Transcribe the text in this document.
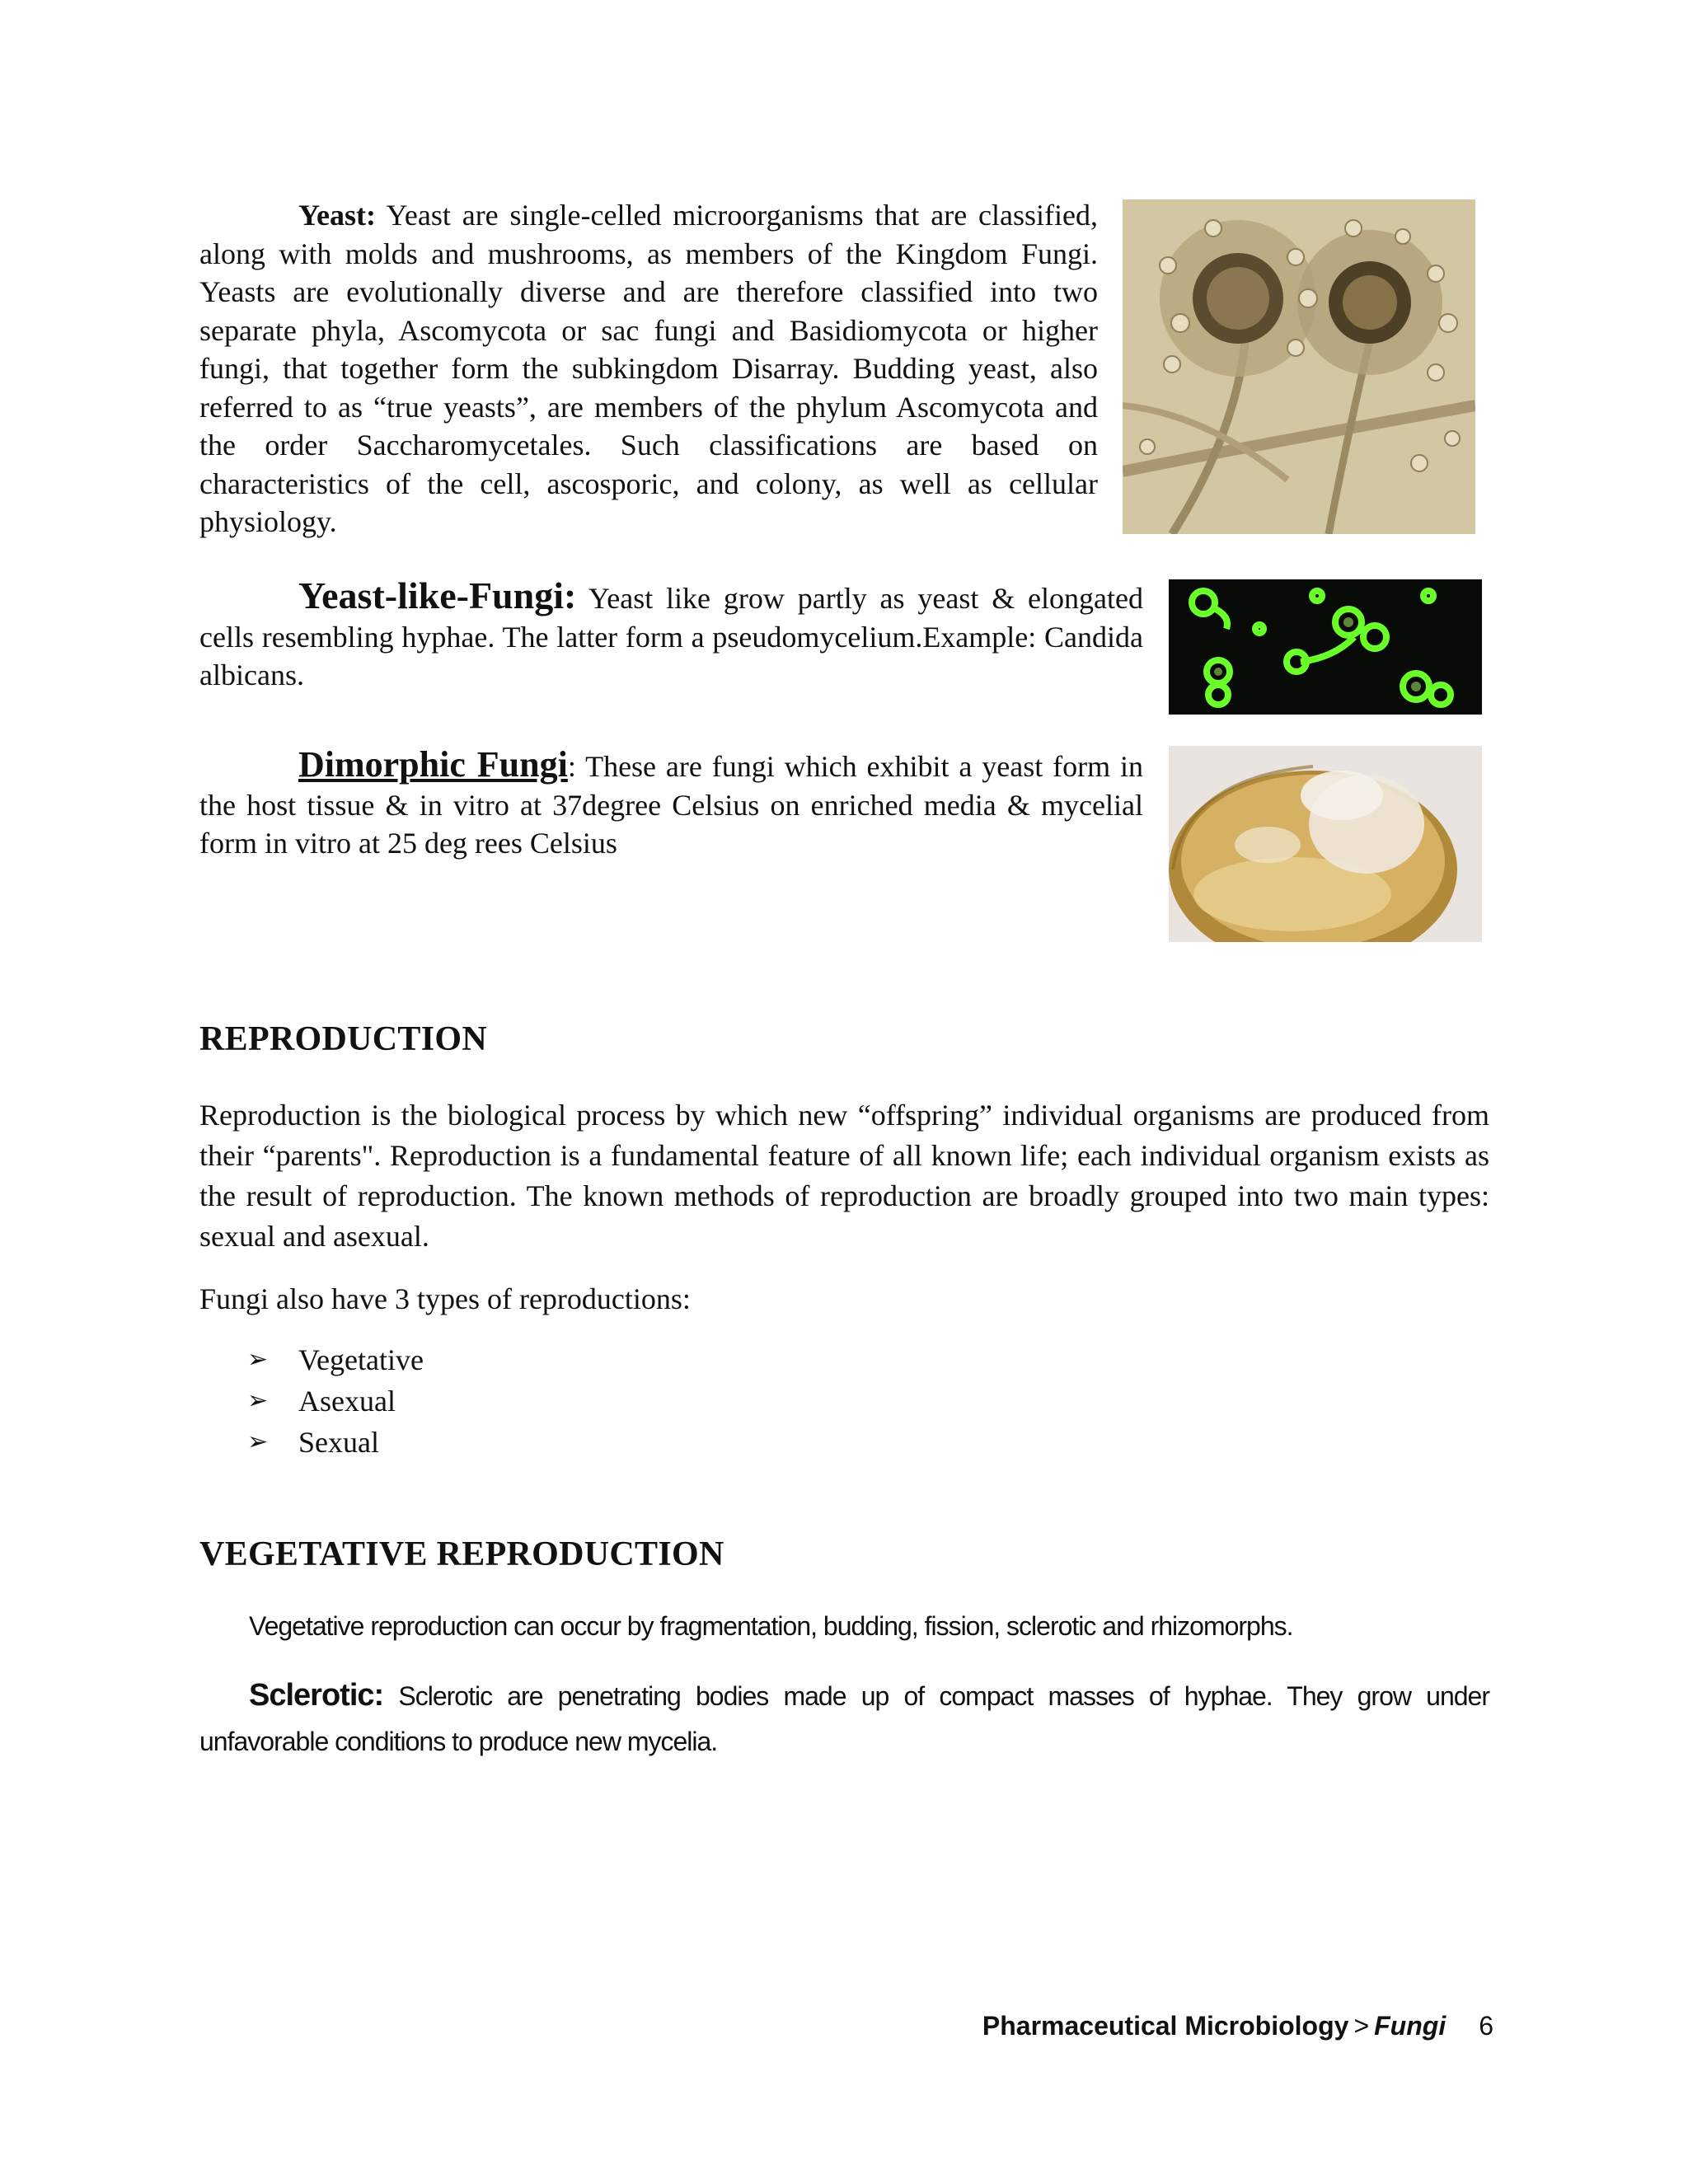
Yeast: Yeast are single-celled microorganisms that are classified, along with molds and mushrooms, as members of the Kingdom Fungi. Yeasts are evolutionally diverse and are therefore classified into two separate phyla, Ascomycota or sac fungi and Basidiomycota or higher fungi, that together form the subkingdom Disarray. Budding yeast, also referred to as “true yeasts”, are members of the phylum Ascomycota and the order Saccharomycetales. Such classifications are based on characteristics of the cell, ascosporic, and colony, as well as cellular physiology.

Yeast-like-Fungi: Yeast like grow partly as yeast & elongated cells resembling hyphae. The latter form a pseudomycelium.Example: Candida albicans.

Dimorphic Fungi: These are fungi which exhibit a yeast form in the host tissue & in vitro at 37degree Celsius on enriched media & mycelial form in vitro at 25 deg rees Celsius

REPRODUCTION

Reproduction is the biological process by which new “offspring” individual organisms are produced from their “parents". Reproduction is a fundamental feature of all known life; each individual organism exists as the result of reproduction. The known methods of reproduction are broadly grouped into two main types: sexual and asexual.

Fungi also have 3 types of reproductions:

➢	Vegetative
➢	Asexual
➢	Sexual
VEGETATIVE REPRODUCTION

Vegetative reproduction can occur by fragmentation, budding, fission, sclerotic and rhizomorphs.

Sclerotic: Sclerotic are penetrating bodies made up of compact masses of hyphae. They grow under unfavorable conditions to produce new mycelia.

Pharmaceutical Microbiology > Fungi 6
